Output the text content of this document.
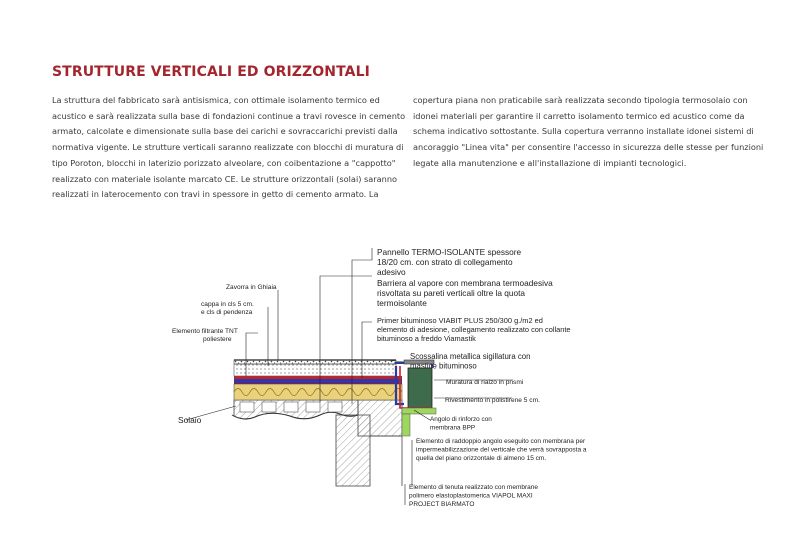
STRUTTURE VERTICALI ED ORIZZONTALI
La struttura del fabbricato sarà antisismica, con ottimale isolamento termico ed
acustico e sarà realizzata sulla base di fondazioni continue a travi rovesce in cemento
armato, calcolate e dimensionate sulla base dei carichi e sovraccarichi previsti dalla
normativa vigente. Le strutture verticali saranno realizzate con blocchi di muratura di
tipo Poroton, blocchi in laterizio porizzato alveolare, con coibentazione a "cappotto"
realizzato con materiale isolante marcato CE. Le strutture orizzontali (solai) saranno
realizzati in laterocemento con travi in spessore in getto di cemento armato. La
copertura piana non praticabile sarà realizzata secondo tipologia termosolaio con
idonei materiali per garantire il carretto isolamento termico ed acustico come da
schema indicativo sottostante. Sulla copertura verranno installate idonei sistemi di
ancoraggio "Linea vita" per consentire l'accesso in sicurezza delle stesse per funzioni
legate alla manutenzione e all'installazione di impianti tecnologici.
Pannello TERMO-ISOLANTE spessore 18/20 cm. con strato di collegamento adesivo
Barriera al vapore con membrana termoadesiva risvoltata su pareti verticali oltre la quota termoisolante
Primer bituminoso VIABIT PLUS 250/300 g./m2 ed elemento di adesione, collegamento realizzato con collante bituminoso a freddo Viamastik
Scossalina metallica sigillatura con mastice bituminoso
Muratura di rialzo in prismi
Rivestimento in polistirene 5 cm.
Angolo di rinforzo con membrana BPP
Elemento di raddoppio angolo eseguito con membrana per impermeabilizzazione del verticale che verrà sovrapposta a quella del piano orizzontale di almeno 15 cm.
Elemento di tenuta realizzato con membrane polimero elastoplastomerica VIAPOL MAXI PROJECT BIARMATO
Zavorra in Ghiaia
cappa in cls 5 cm. e cls di pendenza
Elemento filtrante TNT poliestere
Solaio
